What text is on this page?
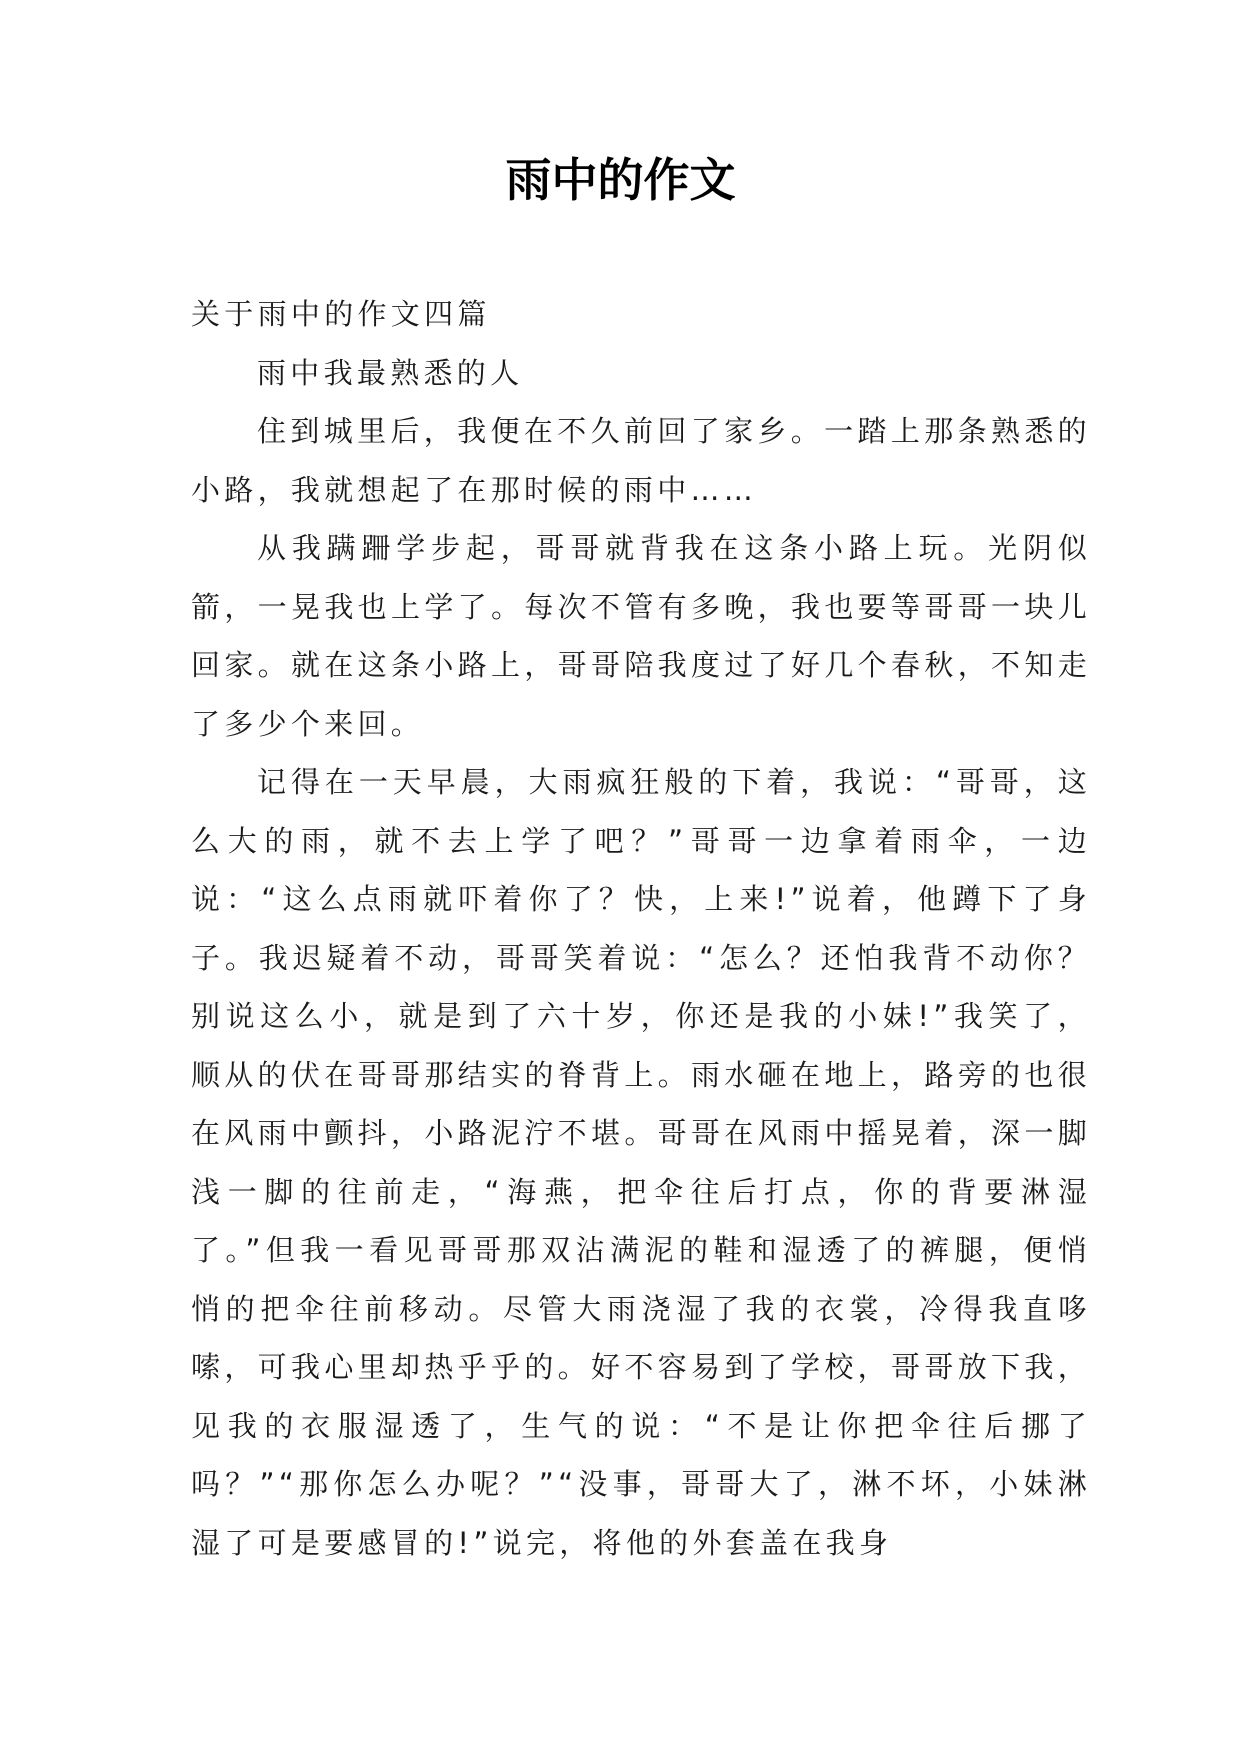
雨中的作文

关于雨中的作文四篇

雨中我最熟悉的人

住到城里后，我便在不久前回了家乡。一踏上那条熟悉的小路，我就想起了在那时候的雨中……

从我蹒跚学步起，哥哥就背我在这条小路上玩。光阴似箭，一晃我也上学了。每次不管有多晚，我也要等哥哥一块儿回家。就在这条小路上，哥哥陪我度过了好几个春秋，不知走了多少个来回。

记得在一天早晨，大雨疯狂般的下着，我说：“哥哥，这么大的雨，就不去上学了吧？”哥哥一边拿着雨伞，一边说：“这么点雨就吓着你了？快，上来!”说着，他蹲下了身子。我迟疑着不动，哥哥笑着说：“怎么？还怕我背不动你？别说这么小，就是到了六十岁，你还是我的小妹!”我笑了，顺从的伏在哥哥那结实的脊背上。雨水砸在地上，路旁的也很在风雨中颤抖，小路泥泞不堪。哥哥在风雨中摇晃着，深一脚浅一脚的往前走，“海燕，把伞往后打点，你的背要淋湿了。”但我一看见哥哥那双沾满泥的鞋和湿透了的裤腿，便悄悄的把伞往前移动。尽管大雨浇湿了我的衣裳，冷得我直哆嗦，可我心里却热乎乎的。好不容易到了学校，哥哥放下我，见我的衣服湿透了，生气的说：“不是让你把伞往后挪了吗？”“那你怎么办呢？”“没事，哥哥大了，淋不坏，小妹淋湿了可是要感冒的!”说完，将他的外套盖在我身
